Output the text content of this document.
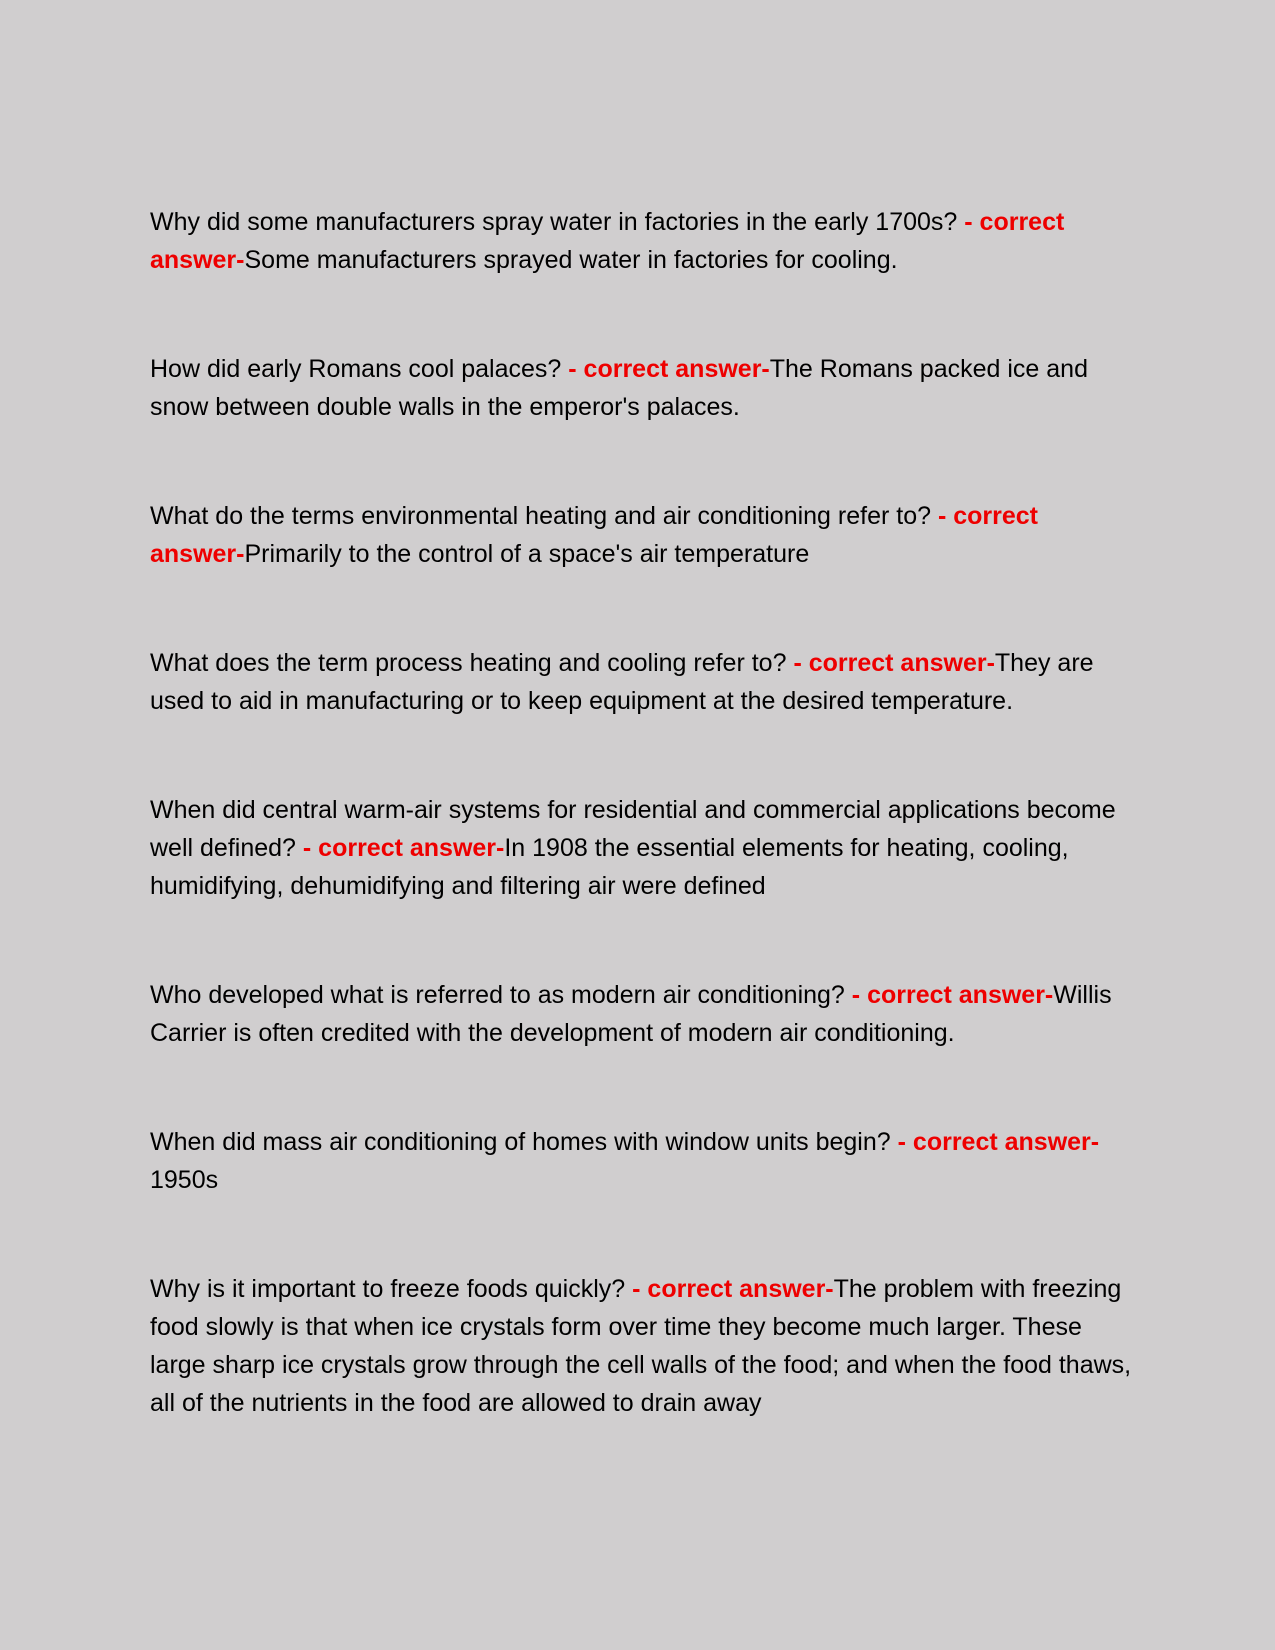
Why did some manufacturers spray water in factories in the early 1700s? - correct answer-Some manufacturers sprayed water in factories for cooling.

How did early Romans cool palaces? - correct answer-The Romans packed ice and snow between double walls in the emperor's palaces.

What do the terms environmental heating and air conditioning refer to? - correct answer-Primarily to the control of a space's air temperature

What does the term process heating and cooling refer to? - correct answer-They are used to aid in manufacturing or to keep equipment at the desired temperature.

When did central warm-air systems for residential and commercial applications become well defined? - correct answer-In 1908 the essential elements for heating, cooling, humidifying, dehumidifying and filtering air were defined

Who developed what is referred to as modern air conditioning? - correct answer-Willis Carrier is often credited with the development of modern air conditioning.

When did mass air conditioning of homes with window units begin? - correct answer-1950s

Why is it important to freeze foods quickly? - correct answer-The problem with freezing food slowly is that when ice crystals form over time they become much larger. These large sharp ice crystals grow through the cell walls of the food; and when the food thaws, all of the nutrients in the food are allowed to drain away
